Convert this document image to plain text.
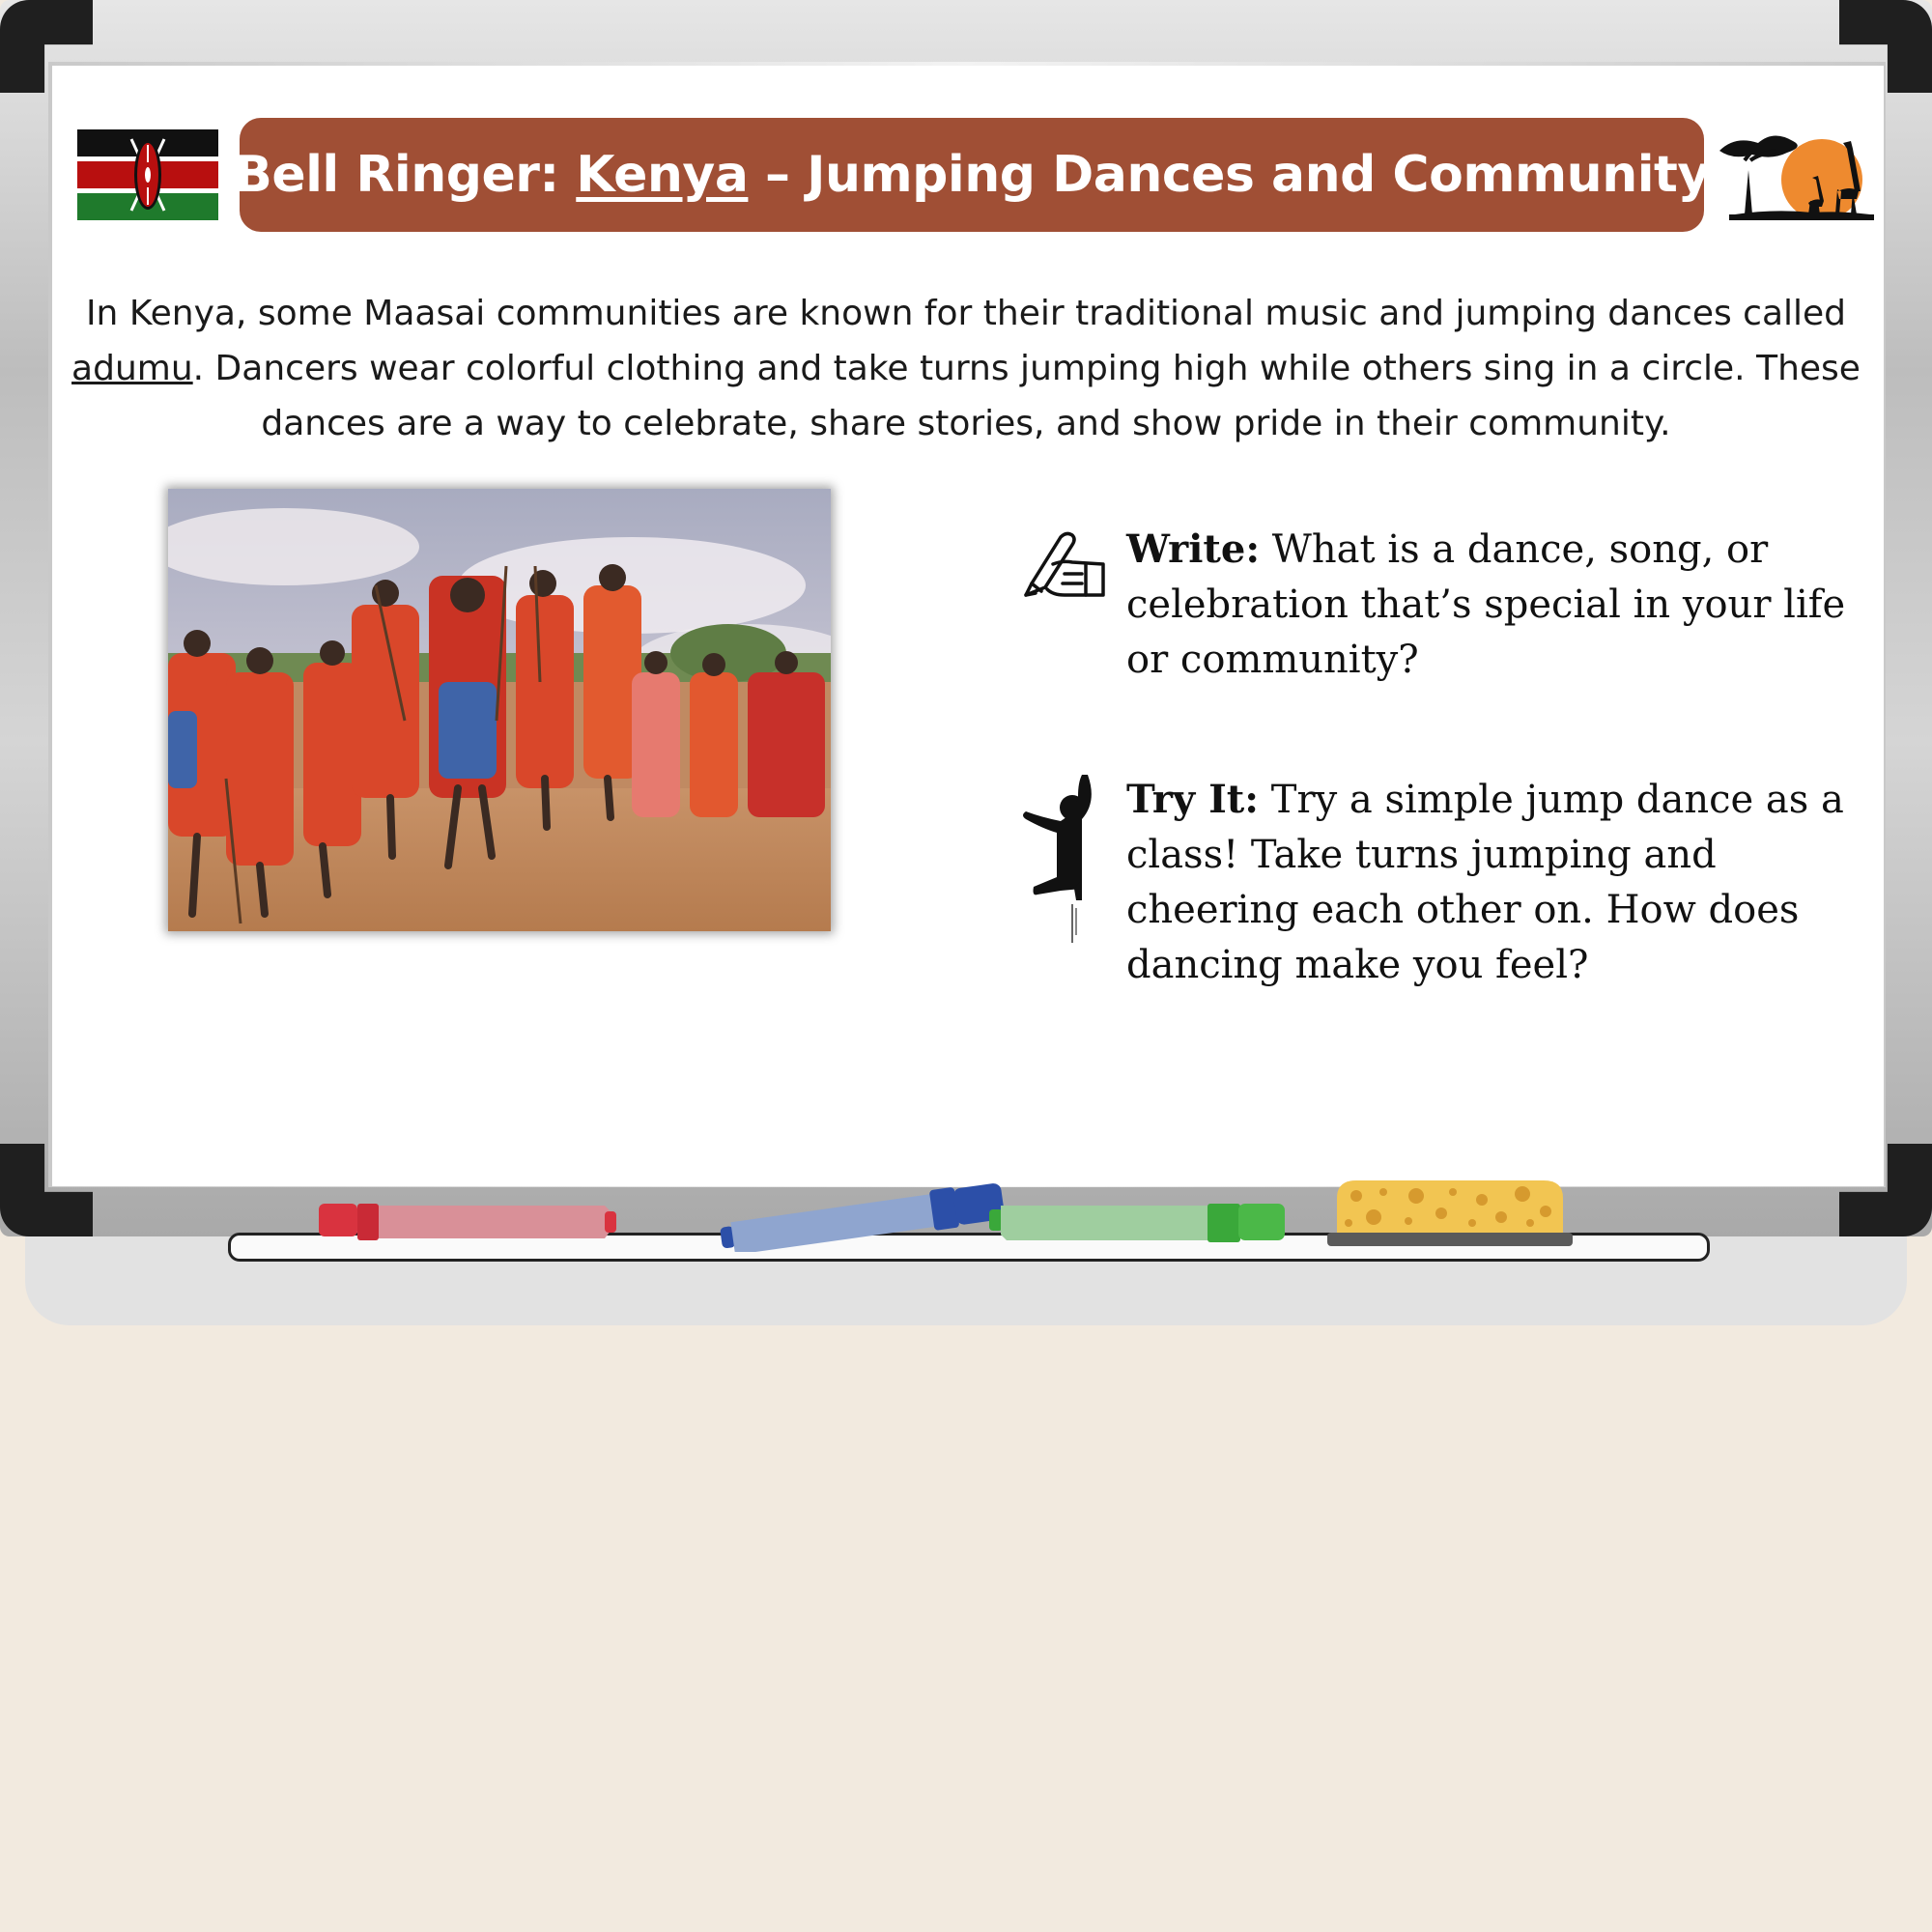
Bell Ringer: Kenya – Jumping Dances and Community
In Kenya, some Maasai communities are known for their traditional music and jumping dances called adumu. Dancers wear colorful clothing and take turns jumping high while others sing in a circle. These dances are a way to celebrate, share stories, and show pride in their community.
Write: What is a dance, song, or celebration that’s special in your life or community?
Try It: Try a simple jump dance as a class! Take turns jumping and cheering each other on. How does dancing make you feel?
